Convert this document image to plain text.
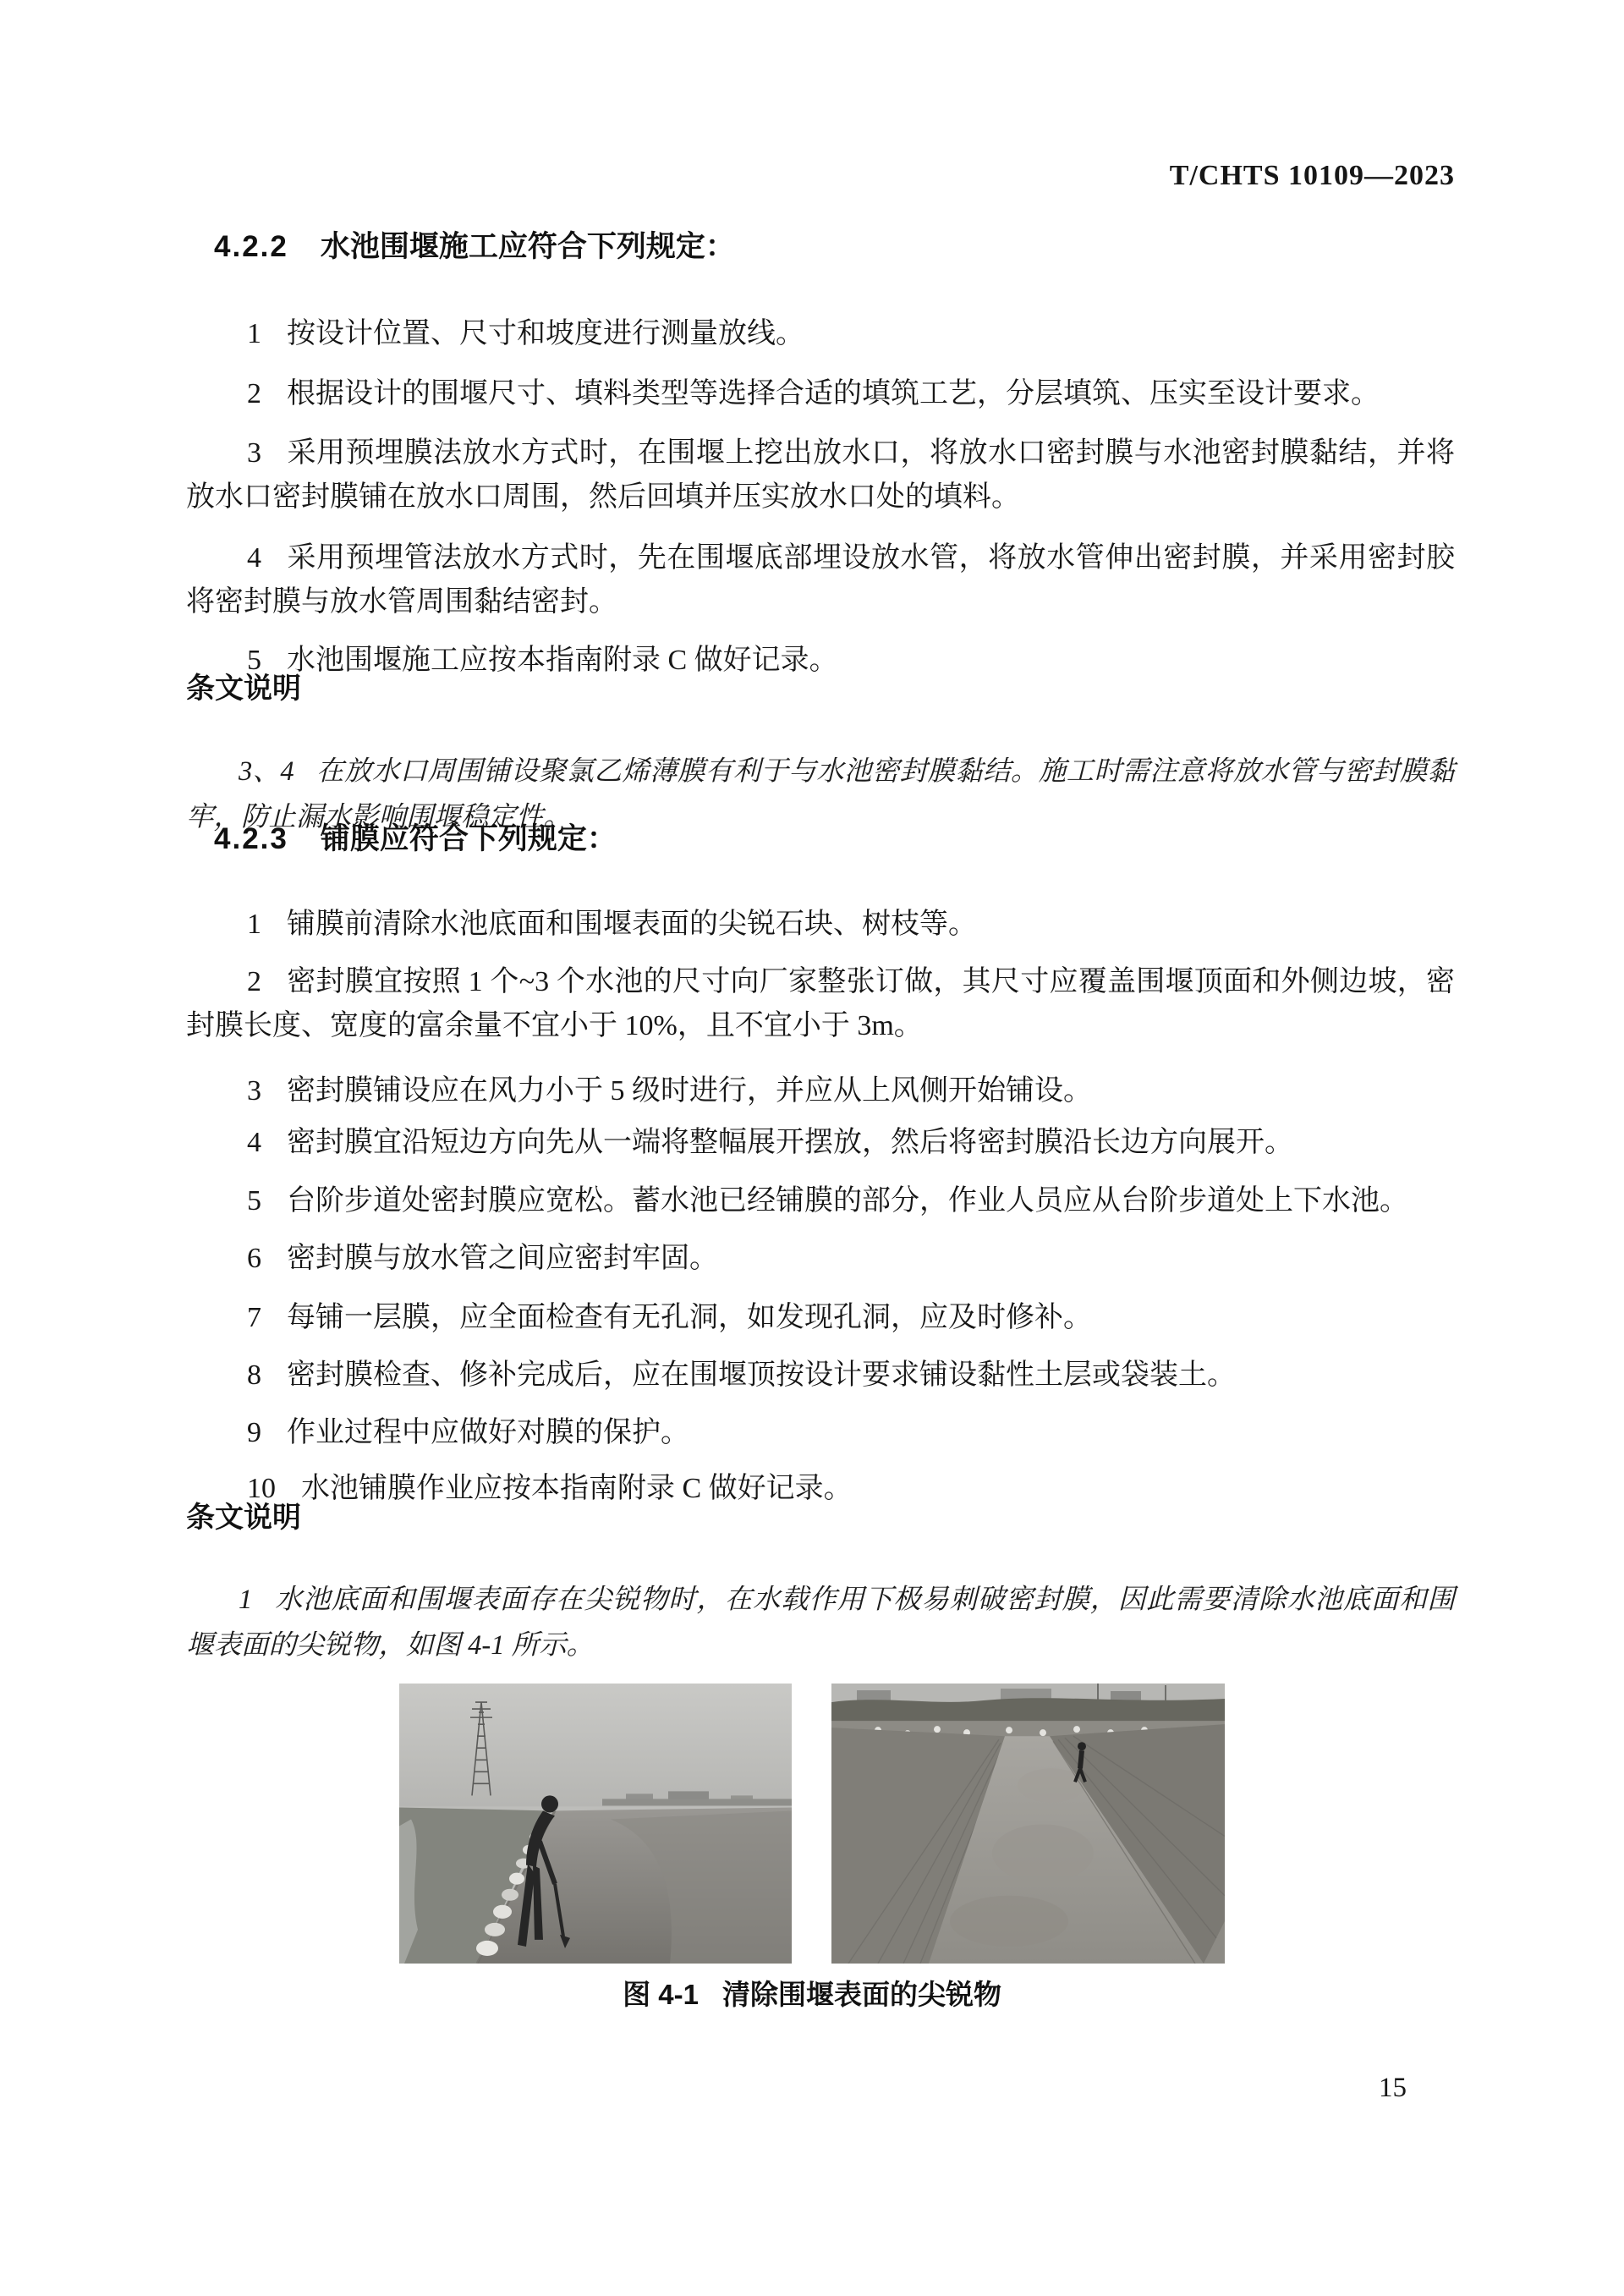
T/CHTS 10109—2023
4.2.2 水池围堰施工应符合下列规定：

1 按设计位置、尺寸和坡度进行测量放线。

2 根据设计的围堰尺寸、填料类型等选择合适的填筑工艺，分层填筑、压实至设计要求。

3 采用预埋膜法放水方式时，在围堰上挖出放水口，将放水口密封膜与水池密封膜黏结，并将放水口密封膜铺在放水口周围，然后回填并压实放水口处的填料。

4 采用预埋管法放水方式时，先在围堰底部埋设放水管，将放水管伸出密封膜，并采用密封胶将密封膜与放水管周围黏结密封。

5 水池围堰施工应按本指南附录 C 做好记录。

条文说明

3、4 在放水口周围铺设聚氯乙烯薄膜有利于与水池密封膜黏结。施工时需注意将放水管与密封膜黏牢，防止漏水影响围堰稳定性。

4.2.3 铺膜应符合下列规定：

1 铺膜前清除水池底面和围堰表面的尖锐石块、树枝等。

2 密封膜宜按照 1 个~3 个水池的尺寸向厂家整张订做，其尺寸应覆盖围堰顶面和外侧边坡，密封膜长度、宽度的富余量不宜小于 10%，且不宜小于 3m。

3 密封膜铺设应在风力小于 5 级时进行，并应从上风侧开始铺设。

4 密封膜宜沿短边方向先从一端将整幅展开摆放，然后将密封膜沿长边方向展开。

5 台阶步道处密封膜应宽松。蓄水池已经铺膜的部分，作业人员应从台阶步道处上下水池。

6 密封膜与放水管之间应密封牢固。

7 每铺一层膜，应全面检查有无孔洞，如发现孔洞，应及时修补。

8 密封膜检查、修补完成后，应在围堰顶按设计要求铺设黏性土层或袋装土。

9 作业过程中应做好对膜的保护。

10 水池铺膜作业应按本指南附录 C 做好记录。

条文说明

1 水池底面和围堰表面存在尖锐物时，在水载作用下极易刺破密封膜，因此需要清除水池底面和围堰表面的尖锐物，如图 4-1 所示。

图 4-1 清除围堰表面的尖锐物
15
